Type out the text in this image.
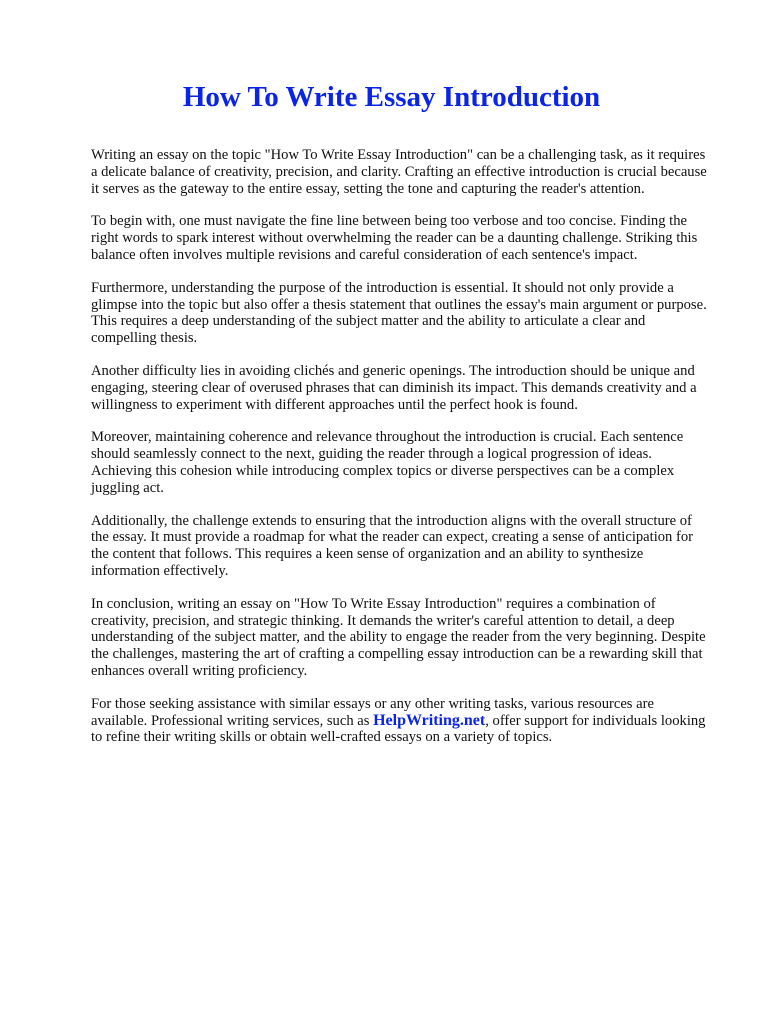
How To Write Essay Introduction

Writing an essay on the topic "How To Write Essay Introduction" can be a challenging task, as it requires a delicate balance of creativity, precision, and clarity. Crafting an effective introduction is crucial because it serves as the gateway to the entire essay, setting the tone and capturing the reader's attention.

To begin with, one must navigate the fine line between being too verbose and too concise. Finding the right words to spark interest without overwhelming the reader can be a daunting challenge. Striking this balance often involves multiple revisions and careful consideration of each sentence's impact.

Furthermore, understanding the purpose of the introduction is essential. It should not only provide a glimpse into the topic but also offer a thesis statement that outlines the essay's main argument or purpose. This requires a deep understanding of the subject matter and the ability to articulate a clear and compelling thesis.

Another difficulty lies in avoiding clichés and generic openings. The introduction should be unique and engaging, steering clear of overused phrases that can diminish its impact. This demands creativity and a willingness to experiment with different approaches until the perfect hook is found.

Moreover, maintaining coherence and relevance throughout the introduction is crucial. Each sentence should seamlessly connect to the next, guiding the reader through a logical progression of ideas. Achieving this cohesion while introducing complex topics or diverse perspectives can be a complex juggling act.

Additionally, the challenge extends to ensuring that the introduction aligns with the overall structure of the essay. It must provide a roadmap for what the reader can expect, creating a sense of anticipation for the content that follows. This requires a keen sense of organization and an ability to synthesize information effectively.

In conclusion, writing an essay on "How To Write Essay Introduction" requires a combination of creativity, precision, and strategic thinking. It demands the writer's careful attention to detail, a deep understanding of the subject matter, and the ability to engage the reader from the very beginning. Despite the challenges, mastering the art of crafting a compelling essay introduction can be a rewarding skill that enhances overall writing proficiency.

For those seeking assistance with similar essays or any other writing tasks, various resources are available. Professional writing services, such as HelpWriting.net, offer support for individuals looking to refine their writing skills or obtain well-crafted essays on a variety of topics.
